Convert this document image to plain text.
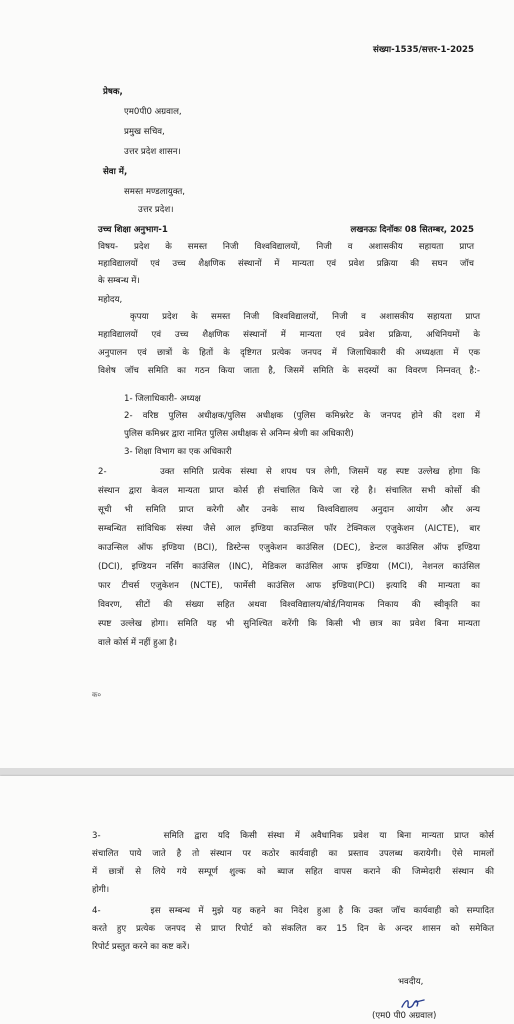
संख्या-1535/सत्तर-1-2025
प्रेषक,
एम0पी0 अग्रवाल,
प्रमुख सचिव,
उत्तर प्रदेश शासन।
सेवा में,
समस्त मण्डलायुक्त,
उत्तर प्रदेश।
उच्च शिक्षा अनुभाग-1	लखनऊः दिनॉकः 08 सितम्बर, 2025
विषय- प्रदेश के समस्त निजी विश्वविद्यालयों, निजी व अशासकीय सहायता प्राप्त
महाविद्यालयों एवं उच्च शैक्षणिक संस्थानों में मान्यता एवं प्रवेश प्रक्रिया की सघन जॉच
के सम्बन्ध में।
महोदय,
कृपया प्रदेश के समस्त निजी विश्वविद्यालयों, निजी व अशासकीय सहायता प्राप्त
महाविद्यालयों एवं उच्च शैक्षणिक संस्थानों में मान्यता एवं प्रवेश प्रक्रिया, अधिनियमों के
अनुपालन एवं छात्रों के हितों के दृष्टिगत प्रत्येक जनपद में जिलाधिकारी की अध्यक्षता में एक
विशेष जॉच समिति का गठन किया जाता है, जिसमें समिति के सदस्यों का विवरण निम्नवत् है:-
1- जिलाधिकारी- अध्यक्ष
2- वरिष्ठ पुलिस अधीक्षक/पुलिस अधीक्षक (पुलिस कमिश्नरेट के जनपद होने की दशा में
पुलिस कमिश्नर द्वारा नामित पुलिस अधीक्षक से अनिम्न श्रेणी का अधिकारी)
3- शिक्षा विभाग का एक अधिकारी
2-      उक्त समिति प्रत्येक संस्था से शपथ पत्र लेगी, जिसमें यह स्पष्ट उल्लेख होगा कि
संस्थान द्वारा केवल मान्यता प्राप्त कोर्स ही संचालित किये जा रहे है। संचालित सभी कोर्सो की
सूची भी समिति प्राप्त करेगी और उनके साथ विश्वविद्यालय अनुदान आयोग और अन्य
सम्बन्धित सांविधिक संस्था जैसे आल इण्डिया काउन्सिल फॉर टेक्निकल एजुकेशन (AICTE), बार
काउन्सिल ऑफ इण्डिया (BCI), डिस्टेन्स एजुकेशन काउंसिल (DEC), डेन्टल काउंसिल ऑफ इण्डिया
(DCI), इण्डियन नर्सिंग काउंसिल (INC), मेडिकल काउंसिल आफ इण्डिया (MCI), नेशनल काउंसिल
फार टीचर्स एजुकेशन (NCTE), फार्मेसी काउंसिल आफ इण्डिया(PCI) इत्यादि की मान्यता का
विवरण, सीटों की संख्या सहित अथवा विश्वविद्यालय/बोर्ड/नियामक निकाय की स्वीकृति का
स्पष्ट उल्लेख होगा। समिति यह भी सुनिश्चित करेंगी कि किसी भी छात्र का प्रवेश बिना मान्यता
वाले कोर्स में नहीं हुआ है।
क०
3-      समिति द्वारा यदि किसी संस्था में अवैधानिक प्रवेश या बिना मान्यता प्राप्त कोर्स
संचालित पाये जाते है तो संस्थान पर कठोर कार्यवाही का प्रस्ताव उपलब्ध करायेगी। ऐसे मामलों
में छात्रों से लिये गये सम्पूर्ण शुल्क को ब्याज सहित वापस कराने की जिम्मेदारी संस्थान की
होगी।
4-      इस सम्बन्ध में मुझे यह कहने का निदेश हुआ है कि उक्त जॉच कार्यवाही को सम्पादित
करते हुए प्रत्येक जनपद से प्राप्त रिपोर्ट को संकलित कर 15 दिन के अन्दर शासन को समेकित
रिपोर्ट प्रस्तुत करने का कष्ट करें।
भवदीय,
(एम0 पी0 अग्रवाल)
